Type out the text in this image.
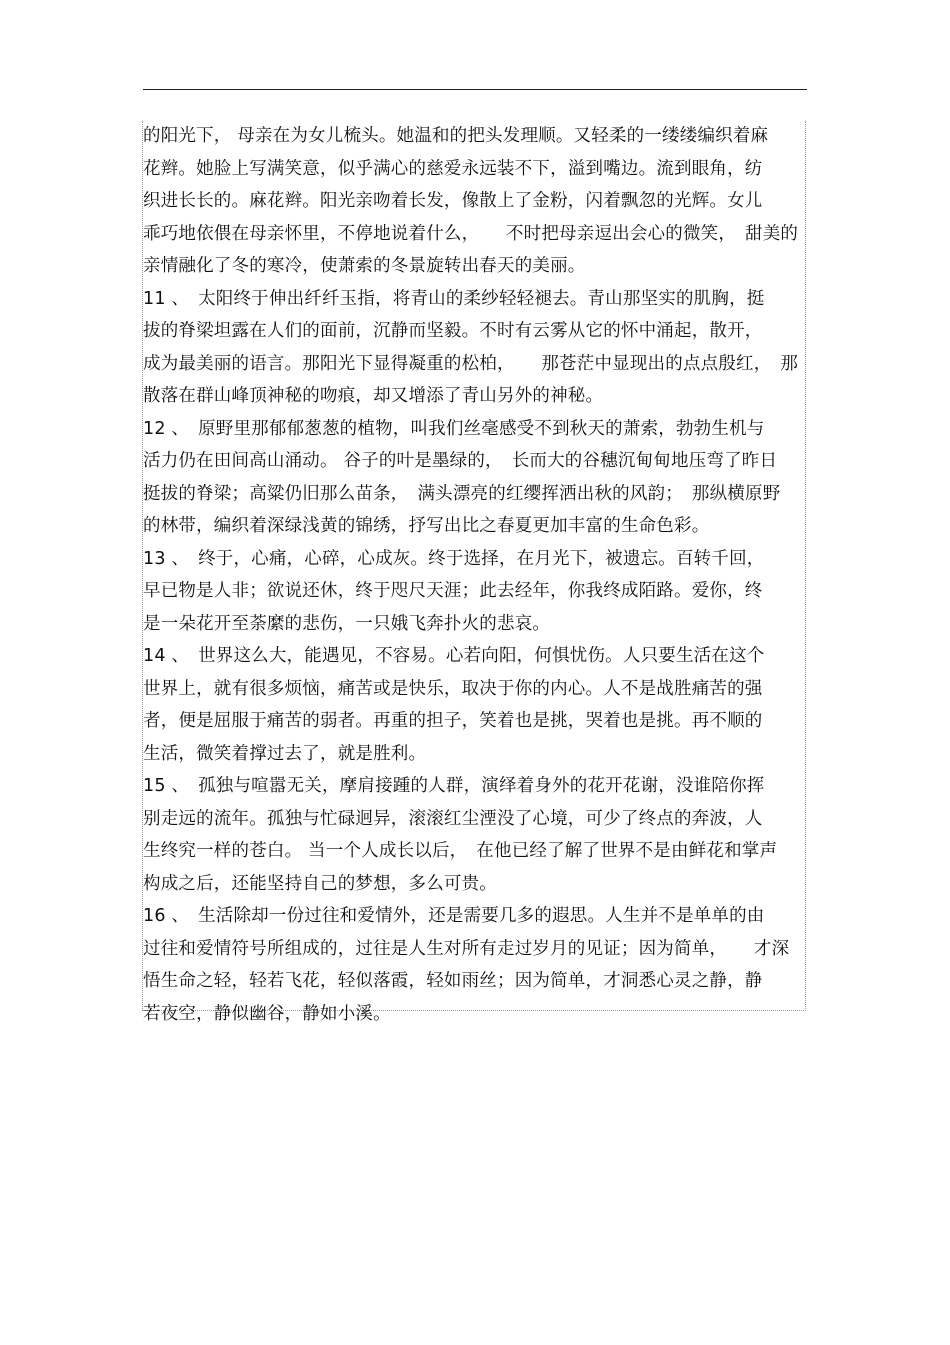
的阳光下， 母亲在为女儿梳头。她温和的把头发理顺。又轻柔的一缕缕编织着麻
花辫。她脸上写满笑意，似乎满心的慈爱永远装不下，溢到嘴边。流到眼角，纺
织进长长的。麻花辫。阳光亲吻着长发，像散上了金粉，闪着飘忽的光辉。女儿
乖巧地依偎在母亲怀里，不停地说着什么，　　不时把母亲逗出会心的微笑，　甜美的
亲情融化了冬的寒冷，使萧索的冬景旋转出春天的美丽。
11 、　太阳终于伸出纤纤玉指，将青山的柔纱轻轻褪去。青山那坚实的肌胸，挺
拔的脊梁坦露在人们的面前，沉静而坚毅。不时有云雾从它的怀中涌起，散开，
成为最美丽的语言。那阳光下显得凝重的松柏，　　那苍茫中显现出的点点殷红，　那
散落在群山峰顶神秘的吻痕，却又增添了青山另外的神秘。
12 、　原野里那郁郁葱葱的植物，叫我们丝毫感受不到秋天的萧索，勃勃生机与
活力仍在田间高山涌动。 谷子的叶是墨绿的，　长而大的谷穗沉甸甸地压弯了昨日
挺拔的脊梁；高粱仍旧那么苗条，　满头漂亮的红缨挥洒出秋的风韵；　那纵横原野
的林带，编织着深绿浅黄的锦绣，抒写出比之春夏更加丰富的生命色彩。
13 、　终于，心痛，心碎，心成灰。终于选择，在月光下，被遗忘。百转千回，
早已物是人非；欲说还休，终于咫尺天涯；此去经年，你我终成陌路。爱你，终
是一朵花开至荼縻的悲伤，一只娥飞奔扑火的悲哀。
14 、　世界这么大，能遇见，不容易。心若向阳，何惧忧伤。人只要生活在这个
世界上，就有很多烦恼，痛苦或是快乐，取决于你的内心。人不是战胜痛苦的强
者，便是屈服于痛苦的弱者。再重的担子，笑着也是挑，哭着也是挑。再不顺的
生活，微笑着撑过去了，就是胜利。
15 、　孤独与喧嚣无关，摩肩接踵的人群，演绎着身外的花开花谢，没谁陪你挥
别走远的流年。孤独与忙碌迥异，滚滚红尘湮没了心境，可少了终点的奔波，人
生终究一样的苍白。 当一个人成长以后，　在他已经了解了世界不是由鲜花和掌声
构成之后，还能坚持自己的梦想，多么可贵。
16 、　生活除却一份过往和爱情外，还是需要几多的遐思。人生并不是单单的由
过往和爱情符号所组成的，过往是人生对所有走过岁月的见证；因为简单，　　才深
悟生命之轻，轻若飞花，轻似落霞，轻如雨丝；因为简单，才洞悉心灵之静，静
若夜空，静似幽谷，静如小溪。
